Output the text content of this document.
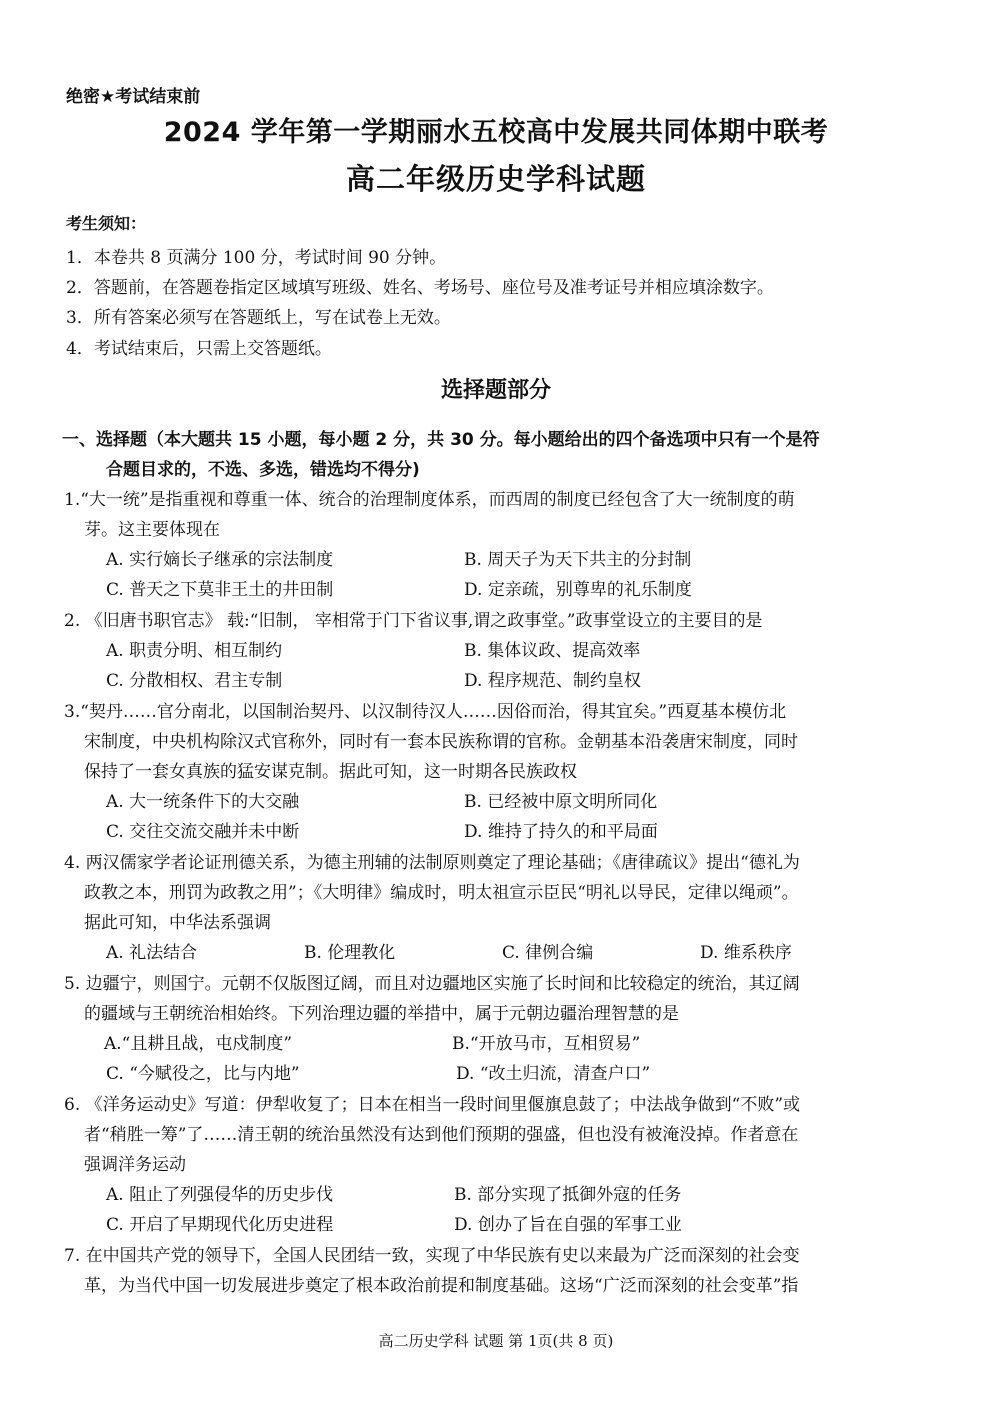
绝密★考试结束前
2024 学年第一学期丽水五校高中发展共同体期中联考
高二年级历史学科试题
考生须知：
1．本卷共 8 页满分 100 分，考试时间 90 分钟。
2．答题前，在答题卷指定区域填写班级、姓名、考场号、座位号及准考证号并相应填涂数字。
3．所有答案必须写在答题纸上，写在试卷上无效。
4．考试结束后，只需上交答题纸。
选择题部分
一、选择题（本大题共 15 小题，每小题 2 分，共 30 分。每小题给出的四个备选项中只有一个是符
合题目求的，不选、多选，错选均不得分)
1.“大一统”是指重视和尊重一体、统合的治理制度体系，而西周的制度已经包含了大一统制度的萌
芽。这主要体现在
A. 实行嫡长子继承的宗法制度	B. 周天子为天下共主的分封制
C. 普天之下莫非王土的井田制	D. 定亲疏，别尊卑的礼乐制度
2. 《旧唐书职官志》 载:“旧制， 宰相常于门下省议事,谓之政事堂。”政事堂设立的主要目的是
A. 职责分明、相互制约	B. 集体议政、提高效率
C. 分散相权、君主专制	D. 程序规范、制约皇权
3.“契丹……官分南北，以国制治契丹、以汉制待汉人……因俗而治，得其宜矣。”西夏基本模仿北
宋制度，中央机构除汉式官称外，同时有一套本民族称谓的官称。金朝基本沿袭唐宋制度，同时
保持了一套女真族的猛安谋克制。据此可知，这一时期各民族政权
A. 大一统条件下的大交融	B. 已经被中原文明所同化
C. 交往交流交融并未中断	D. 维持了持久的和平局面
4. 两汉儒家学者论证刑德关系，为德主刑辅的法制原则奠定了理论基础；《唐律疏议》提出“德礼为
政教之本，刑罚为政教之用”；《大明律》编成时，明太祖宣示臣民“明礼以导民，定律以绳顽”。
据此可知，中华法系强调
A. 礼法结合	B. 伦理教化	C. 律例合编	D. 维系秩序
5. 边疆宁，则国宁。元朝不仅版图辽阔，而且对边疆地区实施了长时间和比较稳定的统治，其辽阔
的疆域与王朝统治相始终。下列治理边疆的举措中，属于元朝边疆治理智慧的是
A.“且耕且战，屯戍制度”	B.“开放马市，互相贸易”
C. “今赋役之，比与内地”	D. “改土归流，清查户口”
6. 《洋务运动史》写道：伊犁收复了；日本在相当一段时间里偃旗息鼓了；中法战争做到“不败”或
者“稍胜一筹”了……清王朝的统治虽然没有达到他们预期的强盛，但也没有被淹没掉。作者意在
强调洋务运动
A. 阻止了列强侵华的历史步伐	B. 部分实现了抵御外寇的任务
C. 开启了早期现代化历史进程	D. 创办了旨在自强的军事工业
7. 在中国共产党的领导下，全国人民团结一致，实现了中华民族有史以来最为广泛而深刻的社会变
革，为当代中国一切发展进步奠定了根本政治前提和制度基础。这场“广泛而深刻的社会变革”指
高二历史学科 试题 第 1页(共 8 页)
